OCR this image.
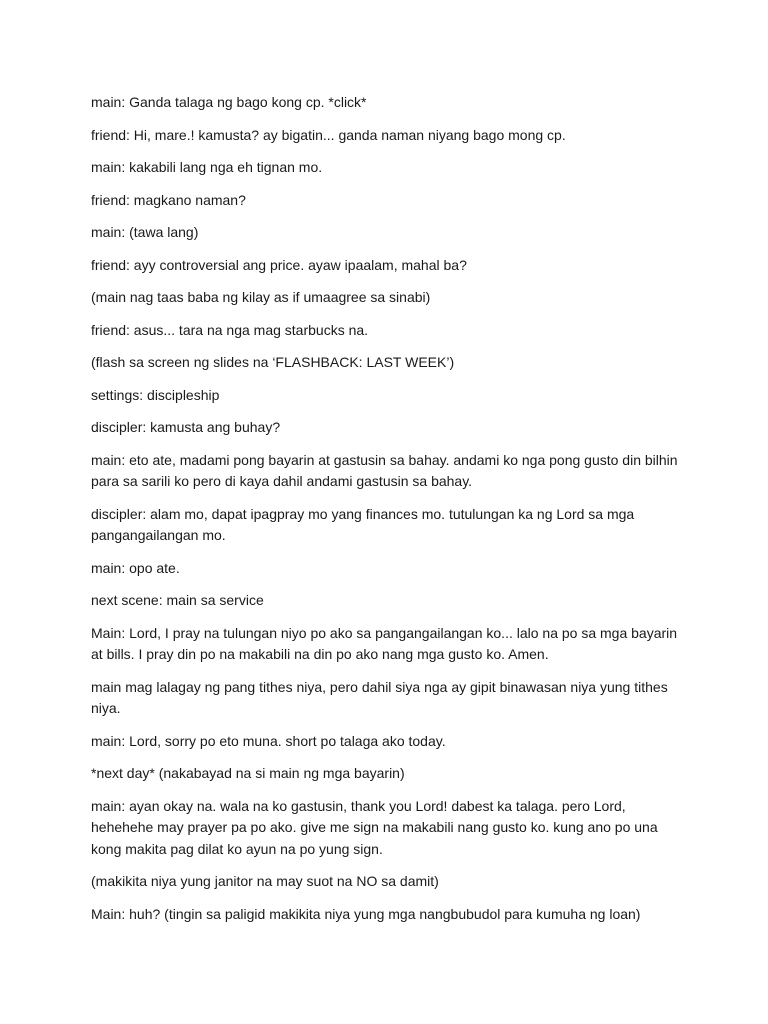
main: Ganda talaga ng bago kong cp. *click*

friend: Hi, mare.! kamusta? ay bigatin... ganda naman niyang bago mong cp.

main: kakabili lang nga eh tignan mo.

friend: magkano naman?

main: (tawa lang)

friend: ayy controversial ang price. ayaw ipaalam, mahal ba?

(main nag taas baba ng kilay as if umaagree sa sinabi)

friend: asus... tara na nga mag starbucks na.

(flash sa screen ng slides na ‘FLASHBACK: LAST WEEK’)

settings: discipleship

discipler: kamusta ang buhay?

main: eto ate, madami pong bayarin at gastusin sa bahay. andami ko nga pong gusto din bilhin para sa sarili ko pero di kaya dahil andami gastusin sa bahay.

discipler: alam mo, dapat ipagpray mo yang finances mo. tutulungan ka ng Lord sa mga pangangailangan mo.

main: opo ate.

next scene: main sa service

Main: Lord, I pray na tulungan niyo po ako sa pangangailangan ko... lalo na po sa mga bayarin at bills. I pray din po na makabili na din po ako nang mga gusto ko. Amen.

main mag lalagay ng pang tithes niya, pero dahil siya nga ay gipit binawasan niya yung tithes niya.

main: Lord, sorry po eto muna. short po talaga ako today.

*next day* (nakabayad na si main ng mga bayarin)

main: ayan okay na. wala na ko gastusin, thank you Lord! dabest ka talaga. pero Lord, hehehehe may prayer pa po ako. give me sign na makabili nang gusto ko. kung ano po una kong makita pag dilat ko ayun na po yung sign.

(makikita niya yung janitor na may suot na NO sa damit)

Main: huh? (tingin sa paligid makikita niya yung mga nangbubudol para kumuha ng loan)
